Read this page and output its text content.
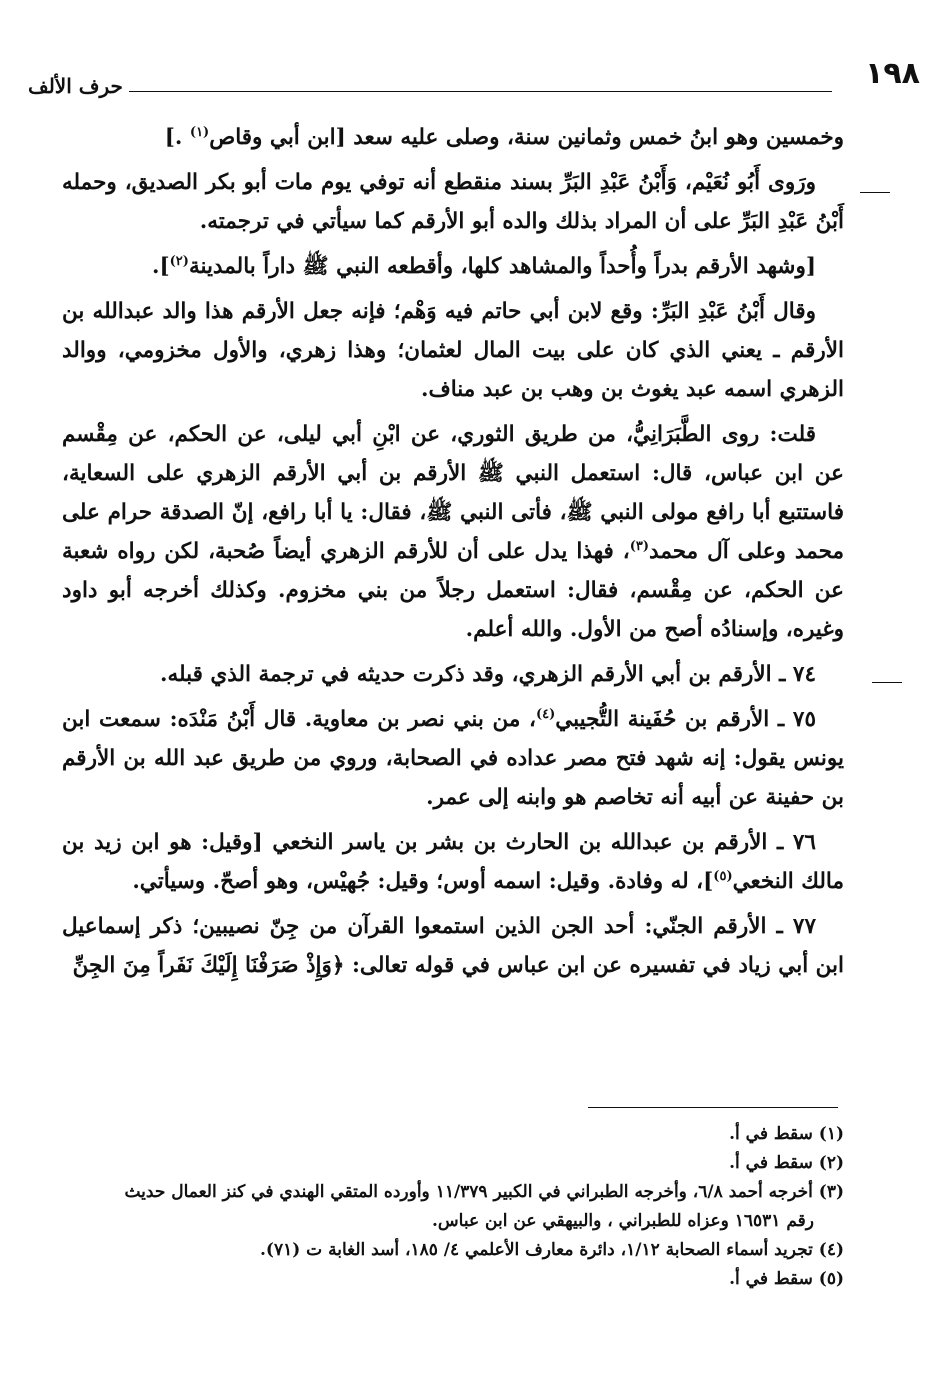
١٩٨
حرف الألف

وخمسين وهو ابنُ خمس وثمانين سنة، وصلى عليه سعد [ابن أبي وقاص$^{(١)}$ .]

ورَوى أَبُو نُعَيْم، وَأَبْنُ عَبْدِ البَرِّ بسند منقطع أنه توفي يوم مات أبو بكر الصديق، وحمله أَبْنُ عَبْدِ البَرِّ على أن المراد بذلك والده أبو الأرقم كما سيأتي في ترجمته.

[وشهد الأرقم بدراً وأُحداً والمشاهد كلها، وأقطعه النبي ﷺ داراً بالمدينة$^{(٢)}$].

وقال أَبْنُ عَبْدِ البَرِّ: وقع لابن أبي حاتم فيه وَهْم؛ فإنه جعل الأرقم هذا والد عبدالله بن الأرقم ـ يعني الذي كان على بيت المال لعثمان؛ وهذا زهري، والأول مخزومي، ووالد الزهري اسمه عبد يغوث بن وهب بن عبد مناف.

قلت: روى الطَّبَرَانِيُّ، من طريق الثوري، عن ابْنِ أبي ليلى، عن الحكم، عن مِقْسم عن ابن عباس، قال: استعمل النبي ﷺ الأرقم بن أبي الأرقم الزهري على السعاية، فاستتبع أبا رافع مولى النبي ﷺ، فأتى النبي ﷺ، فقال: يا أبا رافع، إنّ الصدقة حرام على محمد وعلى آل محمد$^{(٣)}$، فهذا يدل على أن للأرقم الزهري أيضاً صُحبة، لكن رواه شعبة عن الحكم، عن مِقْسم، فقال: استعمل رجلاً من بني مخزوم. وكذلك أخرجه أبو داود وغيره، وإسنادُه أصح من الأول. والله أعلم.

٧٤ ـ الأرقم بن أبي الأرقم الزهري، وقد ذكرت حديثه في ترجمة الذي قبله.

٧٥ ـ الأرقم بن حُفَينة التُّجيبي$^{(٤)}$، من بني نصر بن معاوية. قال أَبْنُ مَنْدَه: سمعت ابن يونس يقول: إنه شهد فتح مصر عداده في الصحابة، وروي من طريق عبد الله بن الأرقم بن حفينة عن أبيه أنه تخاصم هو وابنه إلى عمر.

٧٦ ـ الأرقم بن عبدالله بن الحارث بن بشر بن ياسر النخعي [وقيل: هو ابن زيد بن مالك النخعي$^{(٥)}$]، له وفادة. وقيل: اسمه أوس؛ وقيل: جُهيْس، وهو أصحّ. وسيأتي.

٧٧ ـ الأرقم الجنّي: أحد الجن الذين استمعوا القرآن من جِنّ نصيبين؛ ذكر إسماعيل ابن أبي زياد في تفسيره عن ابن عباس في قوله تعالى: ﴿وَإِذْ صَرَفْنَا إِلَيْكَ نَفَراً مِنَ الجِنِّ

(١) سقط في أ.
(٢) سقط في أ.
(٣) أخرجه أحمد ٦/٨، وأخرجه الطبراني في الكبير ١١/٣٧٩ وأورده المتقي الهندي في كنز العمال حديث
رقم ١٦٥٣١ وعزاه للطبراني ، والبيهقي عن ابن عباس.
(٤) تجريد أسماء الصحابة ١/١٢، دائرة معارف الأعلمي ٤/ ١٨٥، أسد الغابة ت (٧١).
(٥) سقط في أ.
